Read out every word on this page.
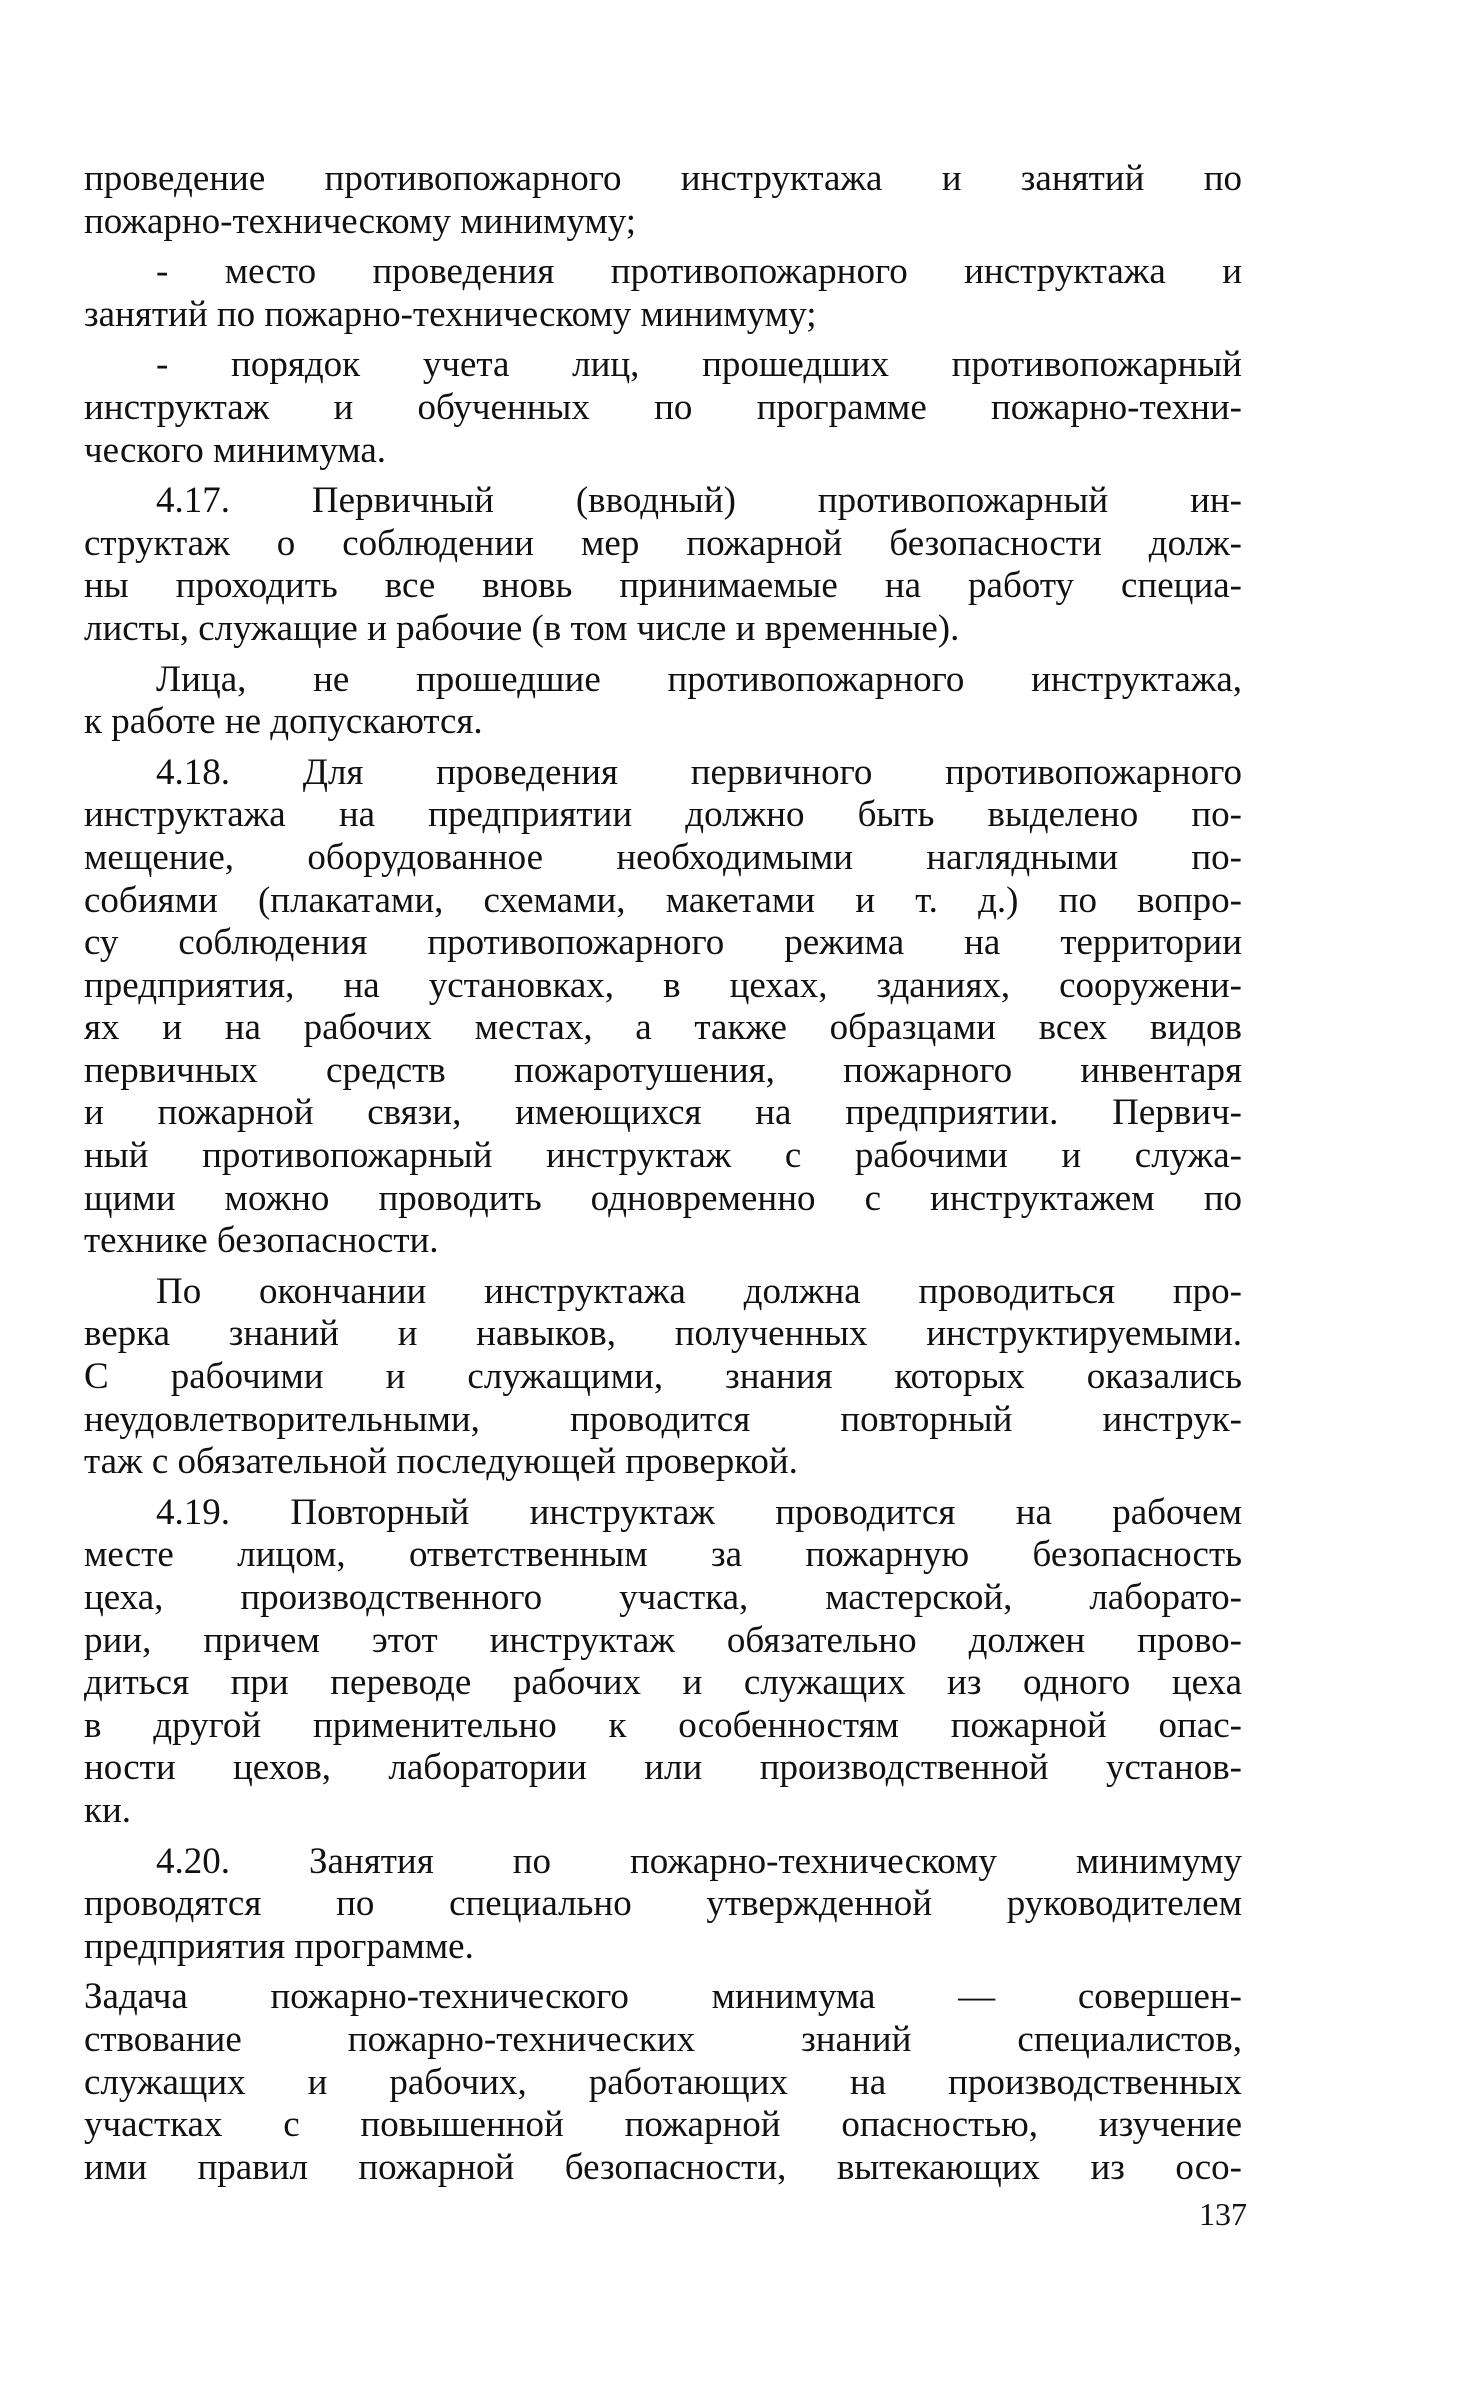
проведение противопожарного инструктажа и занятий по
пожарно-техническому минимуму;
- место проведения противопожарного инструктажа и
занятий по пожарно-техническому минимуму;
- порядок учета лиц, прошедших противопожарный
инструктаж и обученных по программе пожарно-техни-
ческого минимума.
4.17. Первичный (вводный) противопожарный ин-
структаж о соблюдении мер пожарной безопасности долж-
ны проходить все вновь принимаемые на работу специа-
листы, служащие и рабочие (в том числе и временные).
Лица, не прошедшие противопожарного инструктажа,
к работе не допускаются.
4.18. Для проведения первичного противопожарного
инструктажа на предприятии должно быть выделено по-
мещение, оборудованное необходимыми наглядными по-
собиями (плакатами, схемами, макетами и т. д.) по вопро-
су соблюдения противопожарного режима на территории
предприятия, на установках, в цехах, зданиях, сооружени-
ях и на рабочих местах, а также образцами всех видов
первичных средств пожаротушения, пожарного инвентаря
и пожарной связи, имеющихся на предприятии. Первич-
ный противопожарный инструктаж с рабочими и служа-
щими можно проводить одновременно с инструктажем по
технике безопасности.
По окончании инструктажа должна проводиться про-
верка знаний и навыков, полученных инструктируемыми.
С рабочими и служащими, знания которых оказались
неудовлетворительными, проводится повторный инструк-
таж с обязательной последующей проверкой.
4.19. Повторный инструктаж проводится на рабочем
месте лицом, ответственным за пожарную безопасность
цеха, производственного участка, мастерской, лаборато-
рии, причем этот инструктаж обязательно должен прово-
диться при переводе рабочих и служащих из одного цеха
в другой применительно к особенностям пожарной опас-
ности цехов, лаборатории или производственной установ-
ки.
4.20. Занятия по пожарно-техническому минимуму
проводятся по специально утвержденной руководителем
предприятия программе.
Задача пожарно-технического минимума — совершен-
ствование пожарно-технических знаний специалистов,
служащих и рабочих, работающих на производственных
участках с повышенной пожарной опасностью, изучение
ими правил пожарной безопасности, вытекающих из осо-
137
